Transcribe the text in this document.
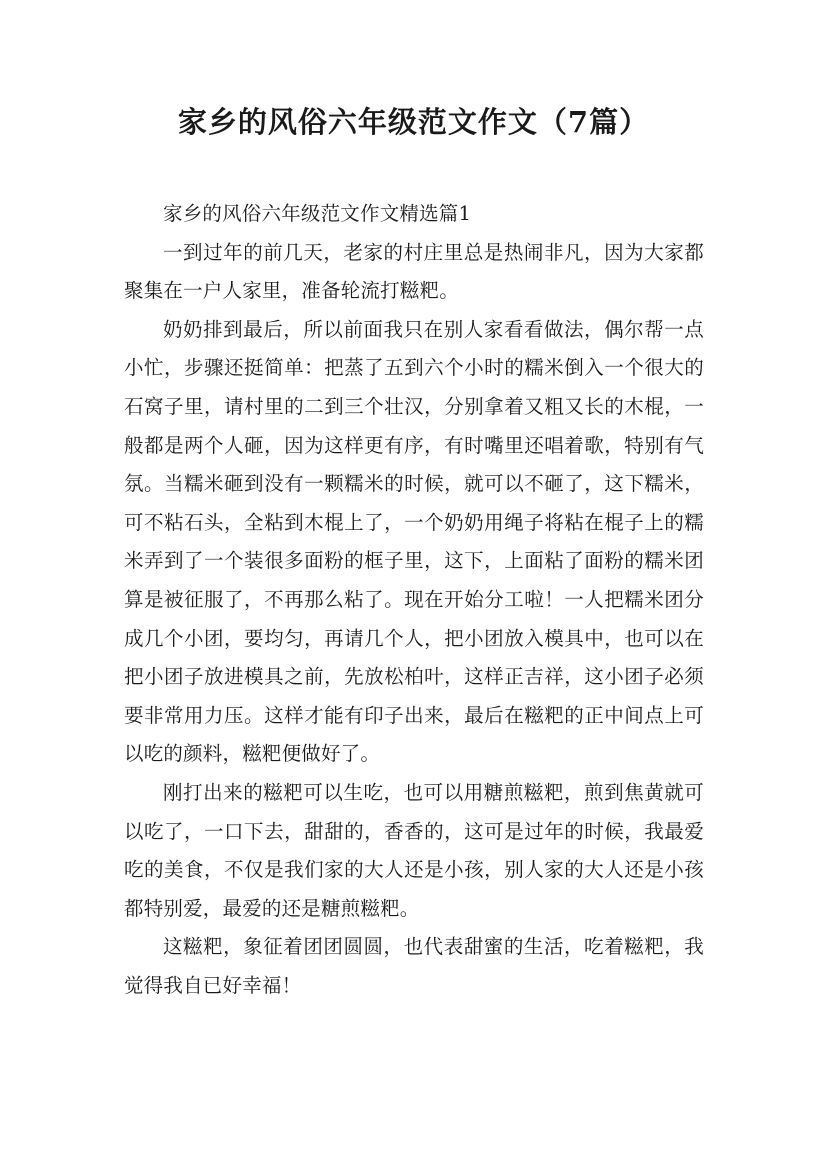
家乡的风俗六年级范文作文（7篇）

家乡的风俗六年级范文作文精选篇1

一到过年的前几天，老家的村庄里总是热闹非凡，因为大家都聚集在一户人家里，准备轮流打糍粑。

奶奶排到最后，所以前面我只在别人家看看做法，偶尔帮一点小忙，步骤还挺简单：把蒸了五到六个小时的糯米倒入一个很大的石窝子里，请村里的二到三个壮汉，分别拿着又粗又长的木棍，一般都是两个人砸，因为这样更有序，有时嘴里还唱着歌，特别有气氛。当糯米砸到没有一颗糯米的时候，就可以不砸了，这下糯米，可不粘石头，全粘到木棍上了，一个奶奶用绳子将粘在棍子上的糯米弄到了一个装很多面粉的框子里，这下，上面粘了面粉的糯米团算是被征服了，不再那么粘了。现在开始分工啦！一人把糯米团分成几个小团，要均匀，再请几个人，把小团放入模具中，也可以在把小团子放进模具之前，先放松柏叶，这样正吉祥，这小团子必须要非常用力压。这样才能有印子出来，最后在糍粑的正中间点上可以吃的颜料，糍粑便做好了。

刚打出来的糍粑可以生吃，也可以用糖煎糍粑，煎到焦黄就可以吃了，一口下去，甜甜的，香香的，这可是过年的时候，我最爱吃的美食，不仅是我们家的大人还是小孩，别人家的大人还是小孩都特别爱，最爱的还是糖煎糍粑。

这糍粑，象征着团团圆圆，也代表甜蜜的生活，吃着糍粑，我觉得我自已好幸福！
